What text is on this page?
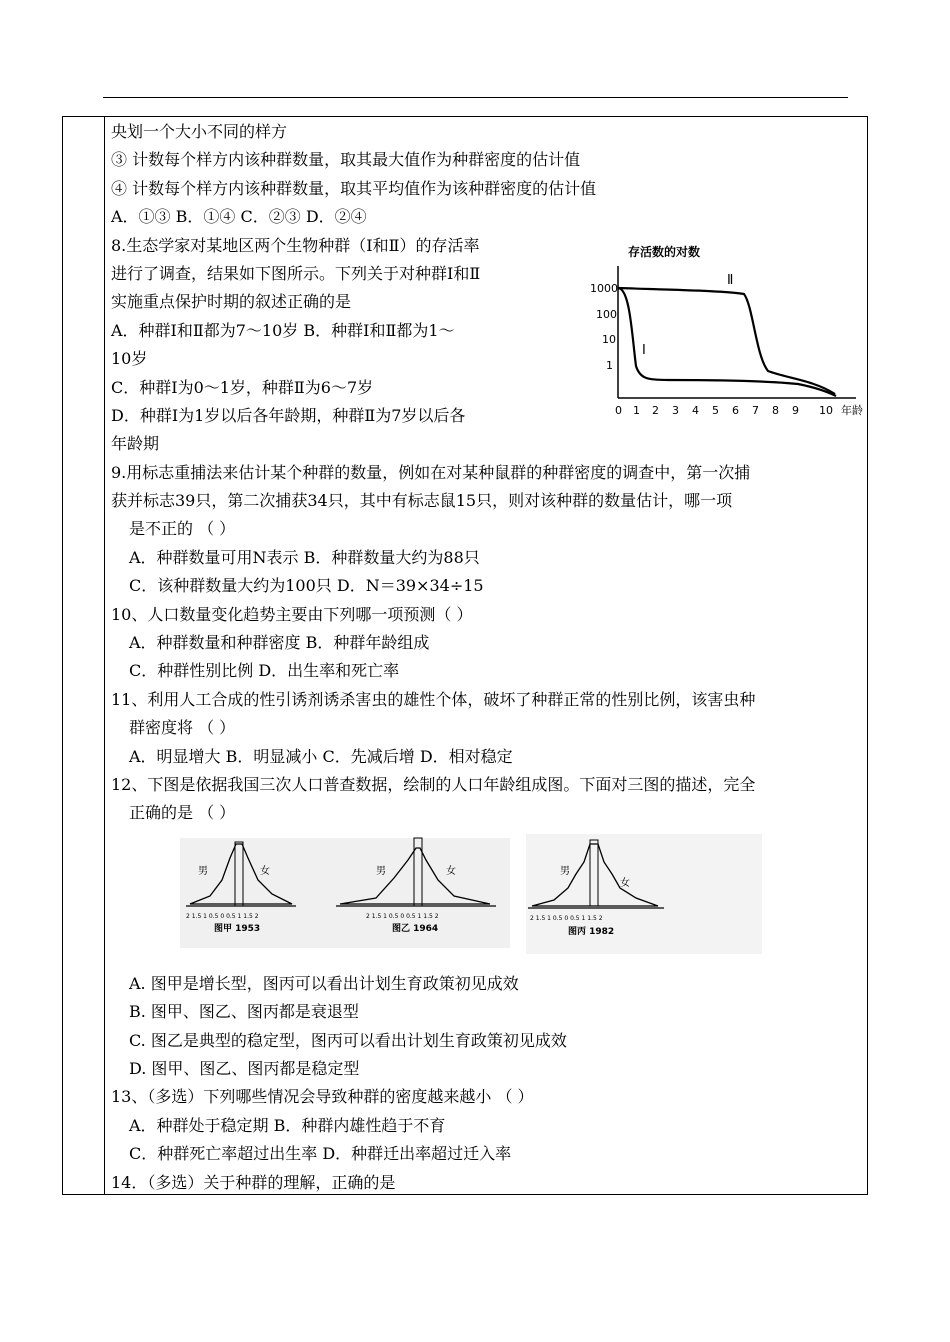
央划一个大小不同的样方
③ 计数每个样方内该种群数量，取其最大值作为种群密度的估计值
④ 计数每个样方内该种群数量，取其平均值作为该种群密度的估计值
A．①③ B．①④ C．②③ D．②④
8.生态学家对某地区两个生物种群（Ⅰ和Ⅱ）的存活率
进行了调查，结果如下图所示。下列关于对种群Ⅰ和Ⅱ
实施重点保护时期的叙述正确的是
A．种群Ⅰ和Ⅱ都为7～10岁 B．种群Ⅰ和Ⅱ都为1～
10岁
C．种群Ⅰ为0～1岁，种群Ⅱ为6～7岁
D．种群Ⅰ为1岁以后各年龄期，种群Ⅱ为7岁以后各
年龄期
9.用标志重捕法来估计某个种群的数量，例如在对某种鼠群的种群密度的调查中，第一次捕
获并标志39只，第二次捕获34只，其中有标志鼠15只，则对该种群的数量估计，哪一项
是不正的 （ ）
A．种群数量可用N表示 B．种群数量大约为88只
C．该种群数量大约为100只 D．N＝39×34÷15
10、人口数量变化趋势主要由下列哪一项预测（ ）
A．种群数量和种群密度 B．种群年龄组成
C．种群性别比例 D．出生率和死亡率
11、利用人工合成的性引诱剂诱杀害虫的雄性个体，破坏了种群正常的性别比例，该害虫种
群密度将 （ ）
A．明显增大 B．明显减小 C．先减后增 D．相对稳定
12、下图是依据我国三次人口普查数据，绘制的人口年龄组成图。下面对三图的描述，完全
正确的是 （ ）
A. 图甲是增长型，图丙可以看出计划生育政策初见成效
B. 图甲、图乙、图丙都是衰退型
C. 图乙是典型的稳定型，图丙可以看出计划生育政策初见成效
D. 图甲、图乙、图丙都是稳定型
13、（多选）下列哪些情况会导致种群的密度越来越小 （ ）
A．种群处于稳定期 B．种群内雄性趋于不育
C．种群死亡率超过出生率 D．种群迁出率超过迁入率
14．（多选）关于种群的理解，正确的是
存活数的对数
1000
100
10
1
0 1 2 3 4 5 6 7 8 9 10 年龄
Ⅱ
Ⅰ
男	女
2 1.5 1 0.5 0 0.5 1 1.5 2
图甲 1953
男	女
2 1.5 1 0.5 0 0.5 1 1.5 2
图乙 1964
男
女
2 1.5 1 0.5 0 0.5 1 1.5 2
图丙 1982
